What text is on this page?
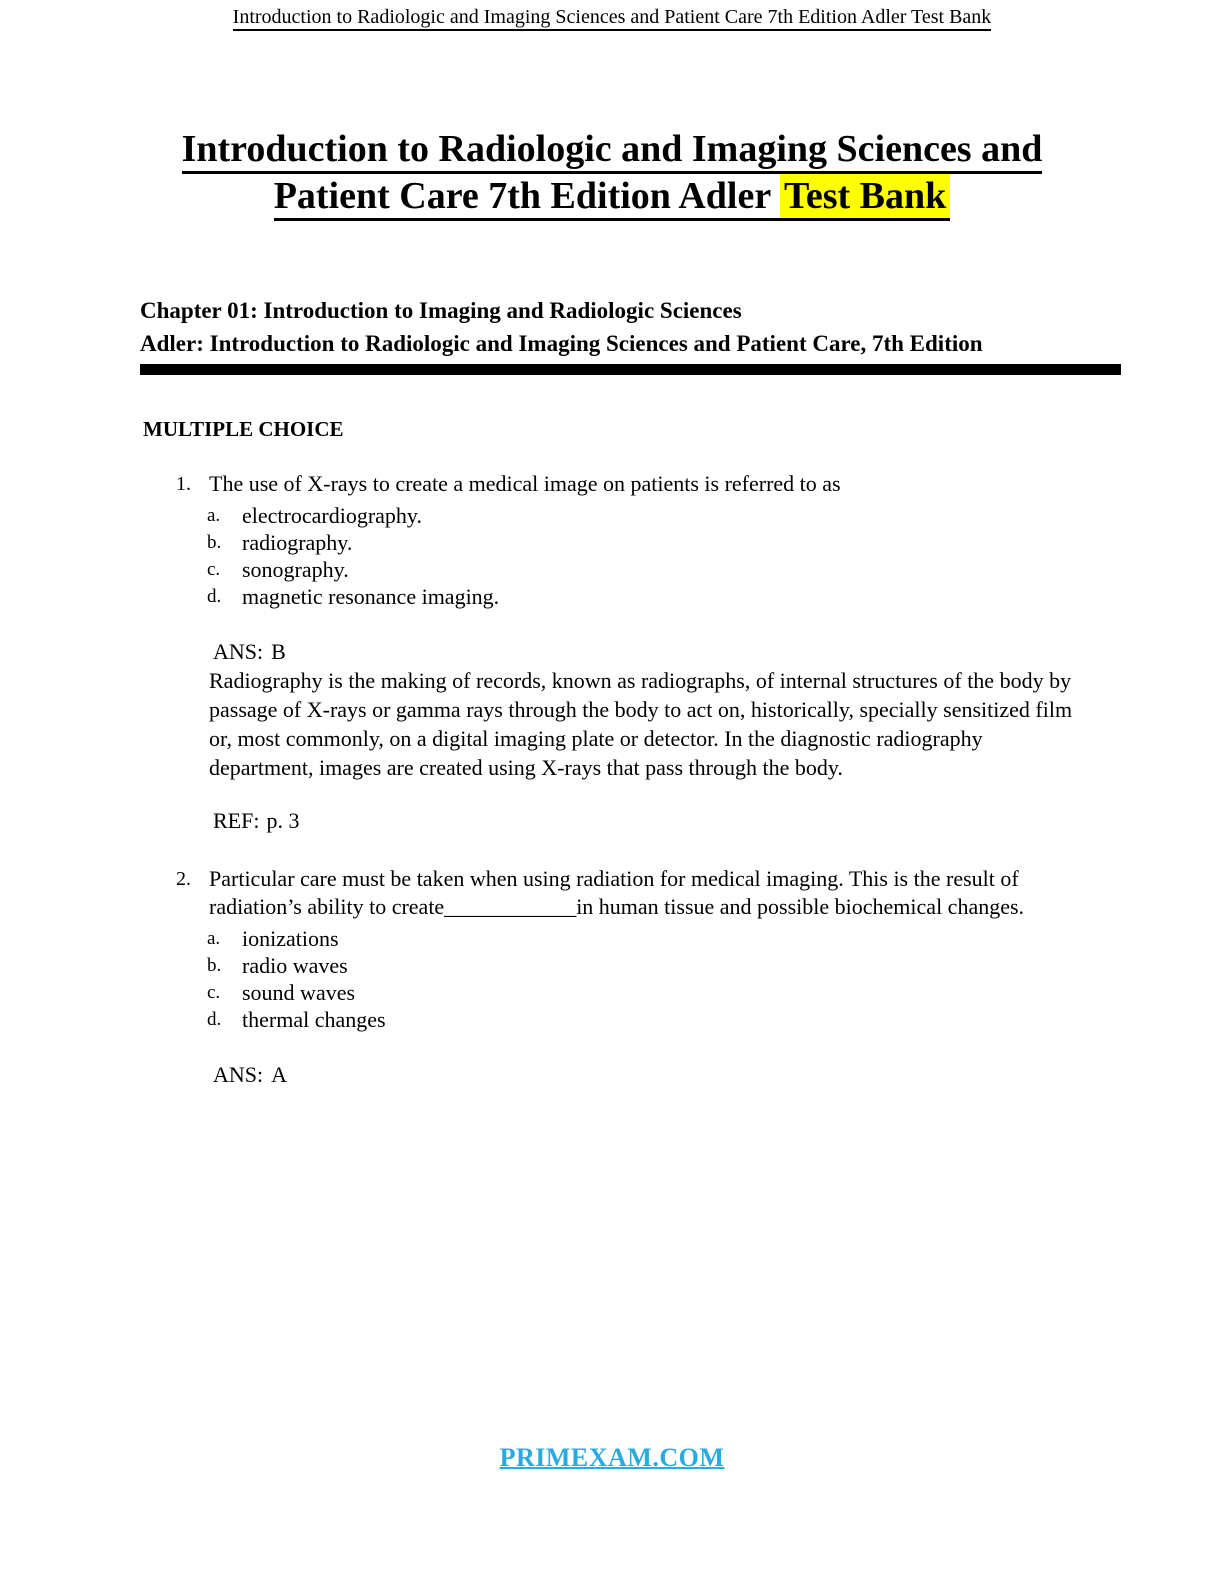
Introduction to Radiologic and Imaging Sciences and Patient Care 7th Edition Adler Test Bank
Introduction to Radiologic and Imaging Sciences and
Patient Care 7th Edition Adler Test Bank
Chapter 01: Introduction to Imaging and Radiologic Sciences
Adler: Introduction to Radiologic and Imaging Sciences and Patient Care, 7th Edition
MULTIPLE CHOICE
1. The use of X-rays to create a medical image on patients is referred to as
a. electrocardiography.
b. radiography.
c. sonography.
d. magnetic resonance imaging.
ANS: B
Radiography is the making of records, known as radiographs, of internal structures of the body by passage of X-rays or gamma rays through the body to act on, historically, specially sensitized film or, most commonly, on a digital imaging plate or detector. In the diagnostic radiography department, images are created using X-rays that pass through the body.
REF: p. 3
2. Particular care must be taken when using radiation for medical imaging. This is the result of radiation’s ability to create____________in human tissue and possible biochemical changes.
a. ionizations
b. radio waves
c. sound waves
d. thermal changes
ANS: A
PRIMEXAM.COM
